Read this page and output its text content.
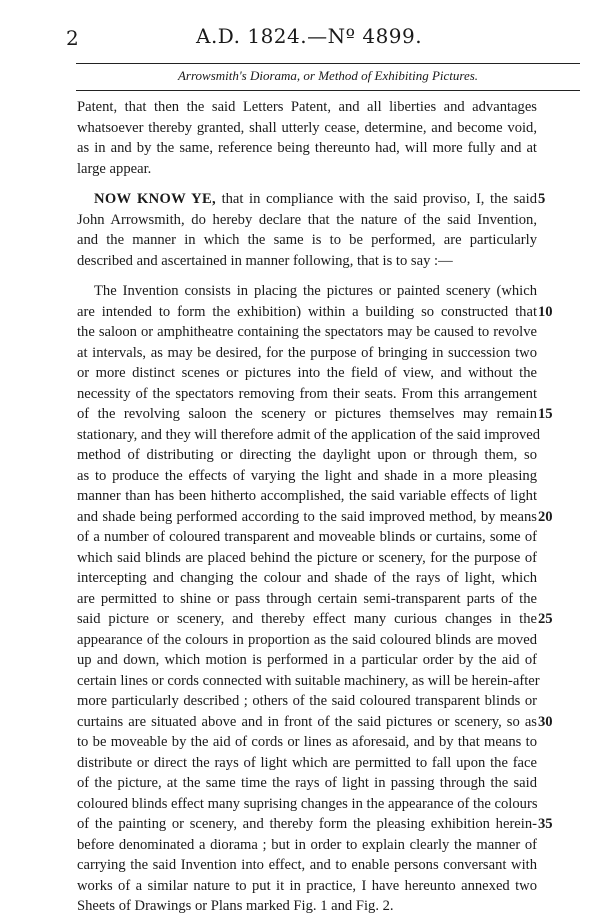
2	A.D. 1824.—Nº 4899.
Arrowsmith's Diorama, or Method of Exhibiting Pictures.
Patent, that then the said Letters Patent, and all liberties and advantages
whatsoever thereby granted, shall utterly cease, determine, and become void,
as in and by the same, reference being thereunto had, will more fully and at
large appear.
NOW KNOW YE, that in compliance with the said proviso, I, the said
John Arrowsmith, do hereby declare that the nature of the said Invention,
and the manner in which the same is to be performed, are particularly
described and ascertained in manner following, that is to say :—
The Invention consists in placing the pictures or painted scenery (which
are intended to form the exhibition) within a building so constructed that
the saloon or amphitheatre containing the spectators may be caused to revolve
at intervals, as may be desired, for the purpose of bringing in succession two
or more distinct scenes or pictures into the field of view, and without the
necessity of the spectators removing from their seats. From this arrangement
of the revolving saloon the scenery or pictures themselves may remain
stationary, and they will therefore admit of the application of the said improved
method of distributing or directing the daylight upon or through them, so
as to produce the effects of varying the light and shade in a more pleasing
manner than has been hitherto accomplished, the said variable effects of light
and shade being performed according to the said improved method, by means
of a number of coloured transparent and moveable blinds or curtains, some of
which said blinds are placed behind the picture or scenery, for the purpose of
intercepting and changing the colour and shade of the rays of light, which
are permitted to shine or pass through certain semi-transparent parts of the
said picture or scenery, and thereby effect many curious changes in the
appearance of the colours in proportion as the said coloured blinds are moved
up and down, which motion is performed in a particular order by the aid of
certain lines or cords connected with suitable machinery, as will be herein-after
more particularly described ; others of the said coloured transparent blinds or
curtains are situated above and in front of the said pictures or scenery, so as
to be moveable by the aid of cords or lines as aforesaid, and by that means to
distribute or direct the rays of light which are permitted to fall upon the face
of the picture, at the same time the rays of light in passing through the said
coloured blinds effect many suprising changes in the appearance of the colours
of the painting or scenery, and thereby form the pleasing exhibition herein-
before denominated a diorama ; but in order to explain clearly the manner of
carrying the said Invention into effect, and to enable persons conversant with
works of a similar nature to put it in practice, I have hereunto annexed two
Sheets of Drawings or Plans marked Fig. 1 and Fig. 2.
5
10
15
20
25
30
35
